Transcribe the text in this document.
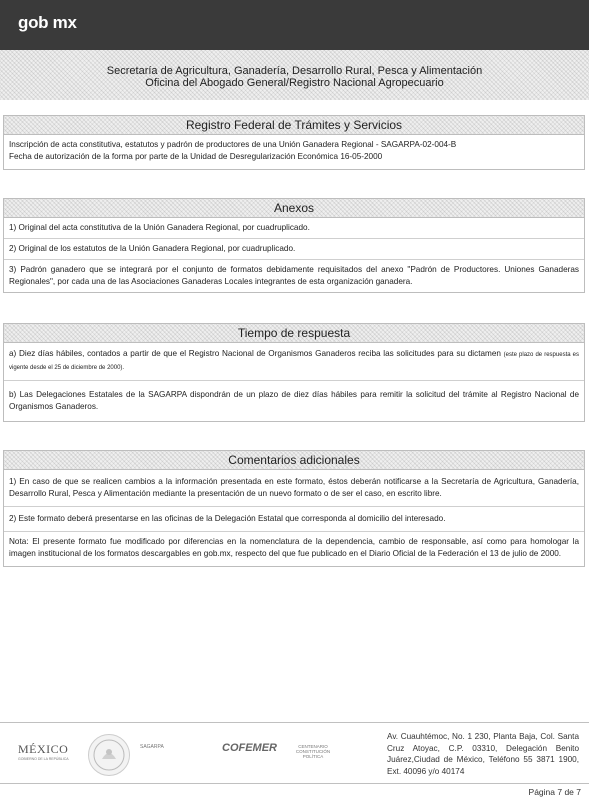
gob mx
Secretaría de Agricultura, Ganadería, Desarrollo Rural, Pesca y Alimentación
Oficina del Abogado General/Registro Nacional Agropecuario
Registro Federal de Trámites y Servicios
Inscripción de acta constitutiva, estatutos y padrón de productores de una Unión Ganadera Regional - SAGARPA-02-004-B
Fecha de autorización de la forma por parte de la Unidad de Desregularización Económica 16-05-2000
Anexos
1) Original del acta constitutiva de la Unión Ganadera Regional, por cuadruplicado.
2) Original de los estatutos de la Unión Ganadera Regional, por cuadruplicado.
3) Padrón ganadero que se integrará por el conjunto de formatos debidamente requisitados del anexo "Padrón de Productores. Uniones Ganaderas Regionales", por cada una de las Asociaciones Ganaderas Locales integrantes de esta organización ganadera.
Tiempo de respuesta
a) Diez días hábiles, contados a partir de que el Registro Nacional de Organismos Ganaderos reciba las solicitudes para su dictamen (este plazo de respuesta es vigente desde el 25 de diciembre de 2000).
b) Las Delegaciones Estatales de la SAGARPA dispondrán de un plazo de diez días hábiles para remitir la solicitud del trámite al Registro Nacional de Organismos Ganaderos.
Comentarios adicionales
1) En caso de que se realicen cambios a la información presentada en este formato, éstos deberán notificarse a la Secretaría de Agricultura, Ganadería, Desarrollo Rural, Pesca y Alimentación mediante la presentación de un nuevo formato o de ser el caso, en escrito libre.
2) Este formato deberá presentarse en las oficinas de la Delegación Estatal que corresponda al domicilio del interesado.
Nota: El presente formato fue modificado por diferencias en la nomenclatura de la dependencia, cambio de responsable, así como para homologar la imagen institucional de los formatos descargables en gob.mx, respecto del que fue publicado en el Diario Oficial de la Federación el 13 de julio de 2000.
MÉXICO
GOBIERNO DE LA REPÚBLICA
SAGARPA	COFEMER	CENTENARIO CONSTITUCIÓN POLÍTICA
Av. Cuauhtémoc, No. 1 230, Planta Baja, Col. Santa Cruz Atoyac, C.P. 03310, Delegación Benito Juárez,Ciudad de México, Teléfono 55 3871 1900, Ext. 40096 y/o 40174
Página 7 de 7
